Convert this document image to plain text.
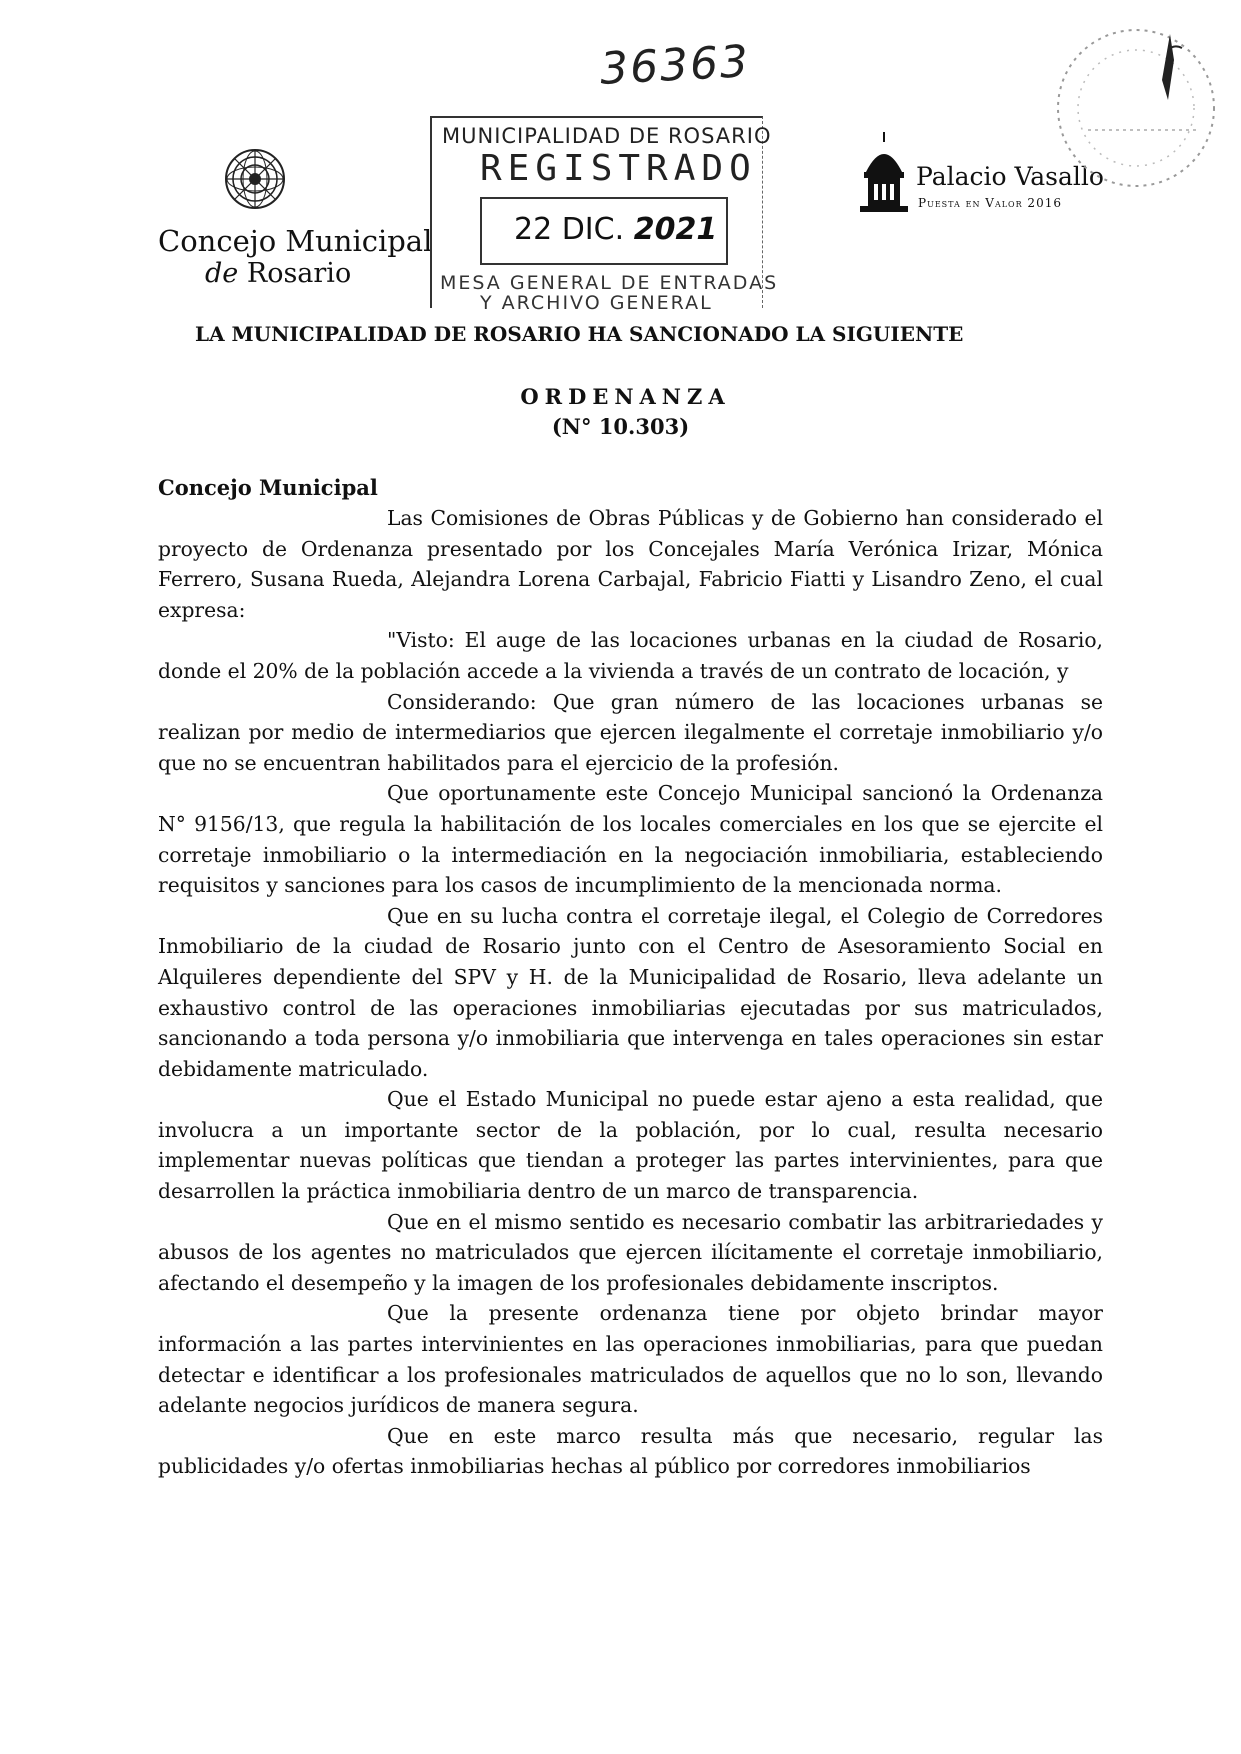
36363
Concejo Municipal
de Rosario
MUNICIPALIDAD DE ROSARIO
REGISTRADO
22 DIC. 2021
MESA GENERAL DE ENTRADAS
Y ARCHIVO GENERAL
Palacio Vasallo
Puesta en Valor 2016
LA MUNICIPALIDAD DE ROSARIO HA SANCIONADO LA SIGUIENTE
ORDENANZA
(N° 10.303)
Concejo Municipal

Las Comisiones de Obras Públicas y de Gobierno han considerado el proyecto de Ordenanza presentado por los Concejales María Verónica Irizar, Mónica Ferrero, Susana Rueda, Alejandra Lorena Carbajal, Fabricio Fiatti y Lisandro Zeno, el cual expresa:

"Visto: El auge de las locaciones urbanas en la ciudad de Rosario, donde el 20% de la población accede a la vivienda a través de un contrato de locación, y

Considerando: Que gran número de las locaciones urbanas se realizan por medio de intermediarios que ejercen ilegalmente el corretaje inmobiliario y/o que no se encuentran habilitados para el ejercicio de la profesión.

Que oportunamente este Concejo Municipal sancionó la Ordenanza N° 9156/13, que regula la habilitación de los locales comerciales en los que se ejercite el corretaje inmobiliario o la intermediación en la negociación inmobiliaria, estableciendo requisitos y sanciones para los casos de incumplimiento de la mencionada norma.

Que en su lucha contra el corretaje ilegal, el Colegio de Corredores Inmobiliario de la ciudad de Rosario junto con el Centro de Asesoramiento Social en Alquileres dependiente del SPV y H. de la Municipalidad de Rosario, lleva adelante un exhaustivo control de las operaciones inmobiliarias ejecutadas por sus matriculados, sancionando a toda persona y/o inmobiliaria que intervenga en tales operaciones sin estar debidamente matriculado.

Que el Estado Municipal no puede estar ajeno a esta realidad, que involucra a un importante sector de la población, por lo cual, resulta necesario implementar nuevas políticas que tiendan a proteger las partes intervinientes, para que desarrollen la práctica inmobiliaria dentro de un marco de transparencia.

Que en el mismo sentido es necesario combatir las arbitrariedades y abusos de los agentes no matriculados que ejercen ilícitamente el corretaje inmobiliario, afectando el desempeño y la imagen de los profesionales debidamente inscriptos.

Que la presente ordenanza tiene por objeto brindar mayor información a las partes intervinientes en las operaciones inmobiliarias, para que puedan detectar e identificar a los profesionales matriculados de aquellos que no lo son, llevando adelante negocios jurídicos de manera segura.

Que en este marco resulta más que necesario, regular las publicidades y/o ofertas inmobiliarias hechas al público por corredores inmobiliarios
